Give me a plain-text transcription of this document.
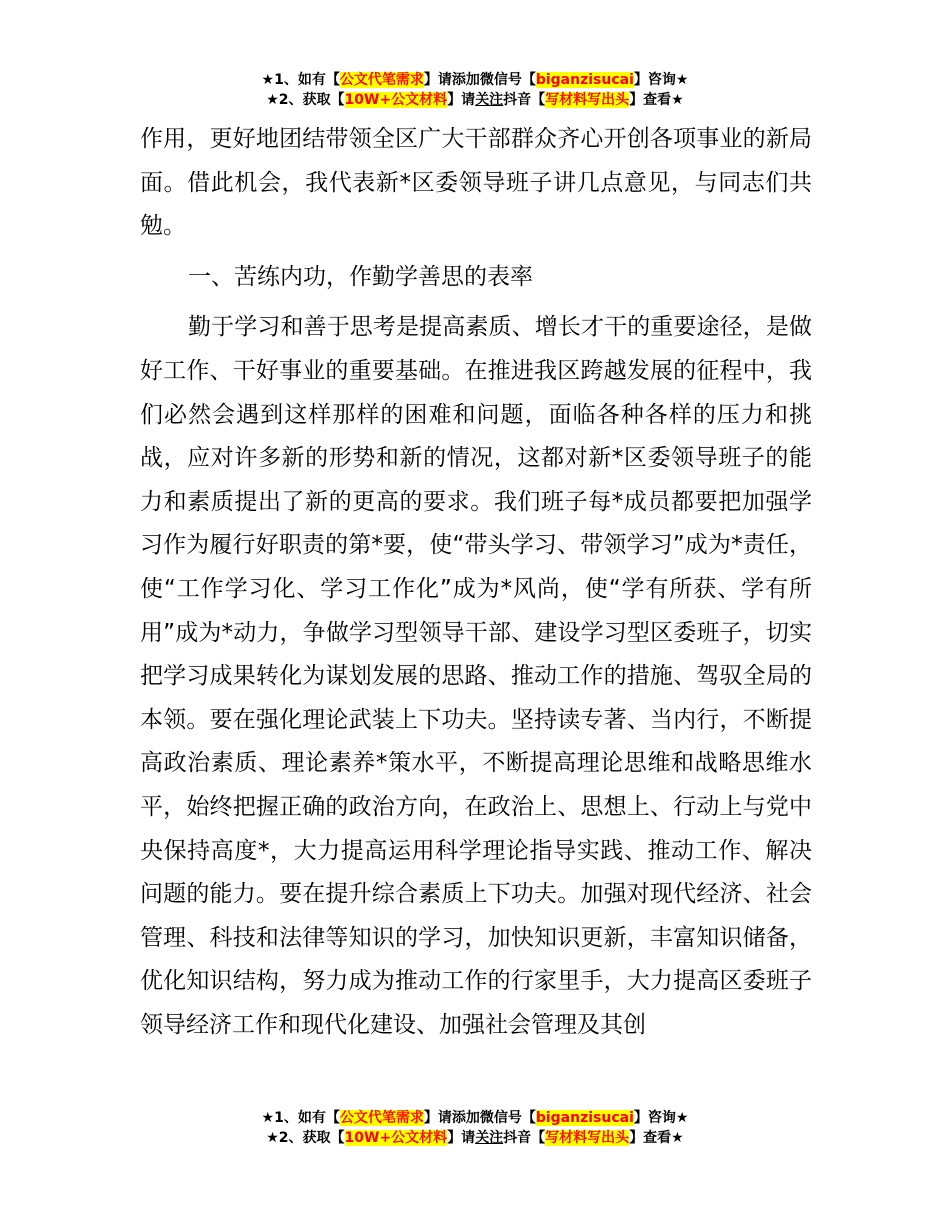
★1、如有【公文代笔需求】请添加微信号【biganzisucai】咨询★
★2、获取【10W+公文材料】请关注抖音【写材料写出头】查看★

作用，更好地团结带领全区广大干部群众齐心开创各项事业的新局面。借此机会，我代表新*区委领导班子讲几点意见，与同志们共勉。

一、苦练内功，作勤学善思的表率

勤于学习和善于思考是提高素质、增长才干的重要途径，是做好工作、干好事业的重要基础。在推进我区跨越发展的征程中，我们必然会遇到这样那样的困难和问题，面临各种各样的压力和挑战，应对许多新的形势和新的情况，这都对新*区委领导班子的能力和素质提出了新的更高的要求。我们班子每*成员都要把加强学习作为履行好职责的第*要，使“带头学习、带领学习”成为*责任，使“工作学习化、学习工作化”成为*风尚，使“学有所获、学有所用”成为*动力，争做学习型领导干部、建设学习型区委班子，切实把学习成果转化为谋划发展的思路、推动工作的措施、驾驭全局的本领。要在强化理论武装上下功夫。坚持读专著、当内行，不断提高政治素质、理论素养*策水平，不断提高理论思维和战略思维水平，始终把握正确的政治方向，在政治上、思想上、行动上与党中央保持高度*，大力提高运用科学理论指导实践、推动工作、解决问题的能力。要在提升综合素质上下功夫。加强对现代经济、社会管理、科技和法律等知识的学习，加快知识更新，丰富知识储备，优化知识结构，努力成为推动工作的行家里手，大力提高区委班子领导经济工作和现代化建设、加强社会管理及其创

★1、如有【公文代笔需求】请添加微信号【biganzisucai】咨询★
★2、获取【10W+公文材料】请关注抖音【写材料写出头】查看★
